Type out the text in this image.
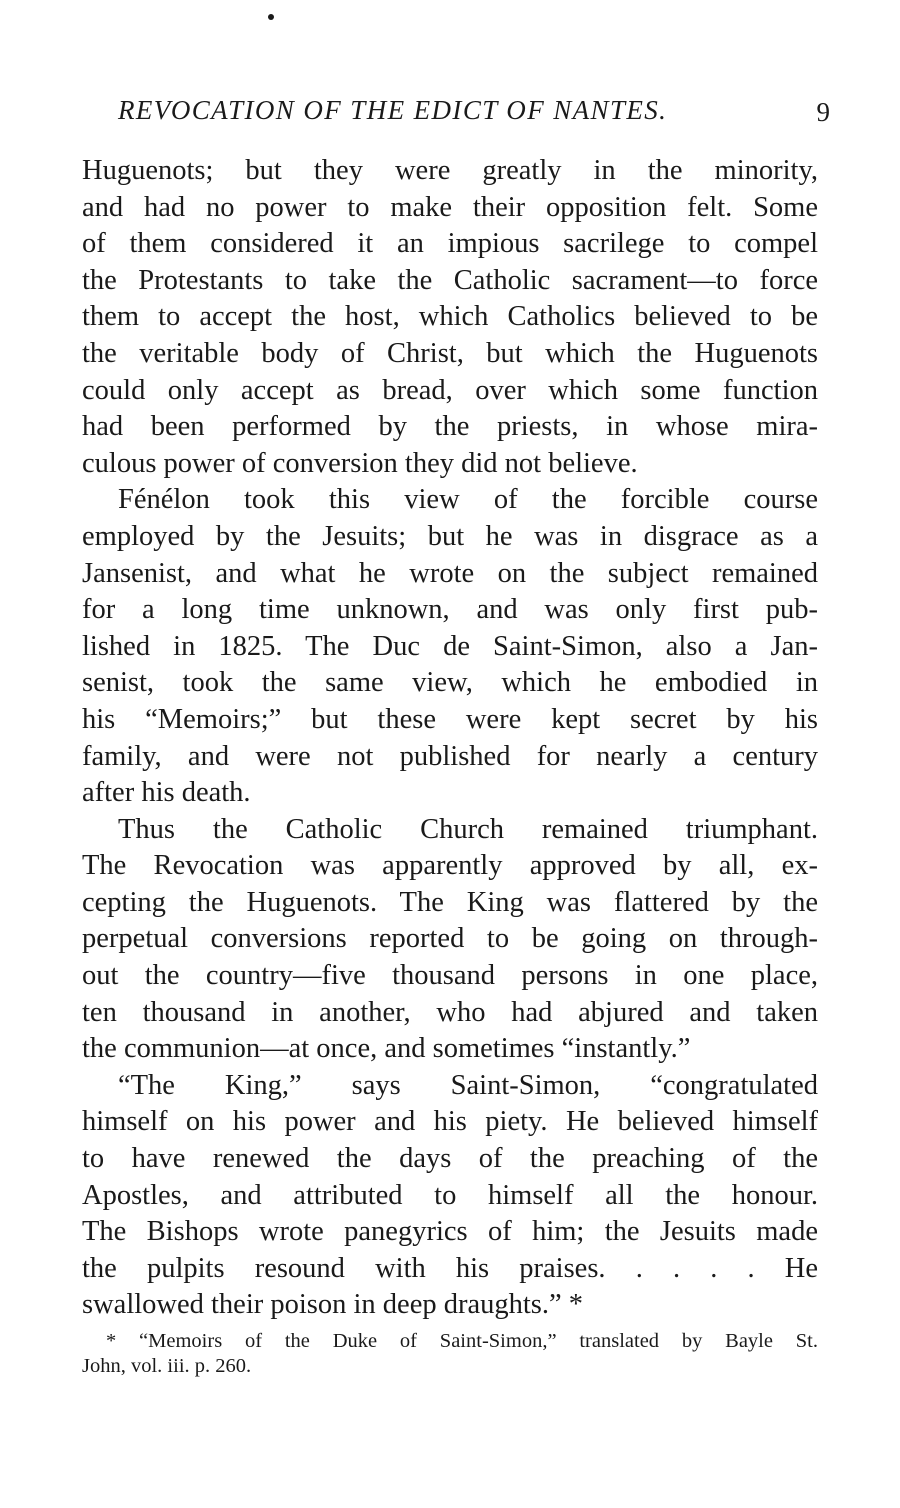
REVOCATION OF THE EDICT OF NANTES.	9
Huguenots; but they were greatly in the minority,
and had no power to make their opposition felt. Some
of them considered it an impious sacrilege to compel
the Protestants to take the Catholic sacrament—to force
them to accept the host, which Catholics believed to be
the veritable body of Christ, but which the Huguenots
could only accept as bread, over which some function
had been performed by the priests, in whose mira-
culous power of conversion they did not believe.
Fénélon took this view of the forcible course
employed by the Jesuits; but he was in disgrace as a
Jansenist, and what he wrote on the subject remained
for a long time unknown, and was only first pub-
lished in 1825. The Duc de Saint-Simon, also a Jan-
senist, took the same view, which he embodied in
his “Memoirs;” but these were kept secret by his
family, and were not published for nearly a century
after his death.
Thus the Catholic Church remained triumphant.
The Revocation was apparently approved by all, ex-
cepting the Huguenots. The King was flattered by the
perpetual conversions reported to be going on through-
out the country—five thousand persons in one place,
ten thousand in another, who had abjured and taken
the communion—at once, and sometimes “instantly.”
“The King,” says Saint-Simon, “congratulated
himself on his power and his piety. He believed himself
to have renewed the days of the preaching of the
Apostles, and attributed to himself all the honour.
The Bishops wrote panegyrics of him; the Jesuits made
the pulpits resound with his praises. . . . . He
swallowed their poison in deep draughts.” *
* “Memoirs of the Duke of Saint-Simon,” translated by Bayle St.
John, vol. iii. p. 260.
